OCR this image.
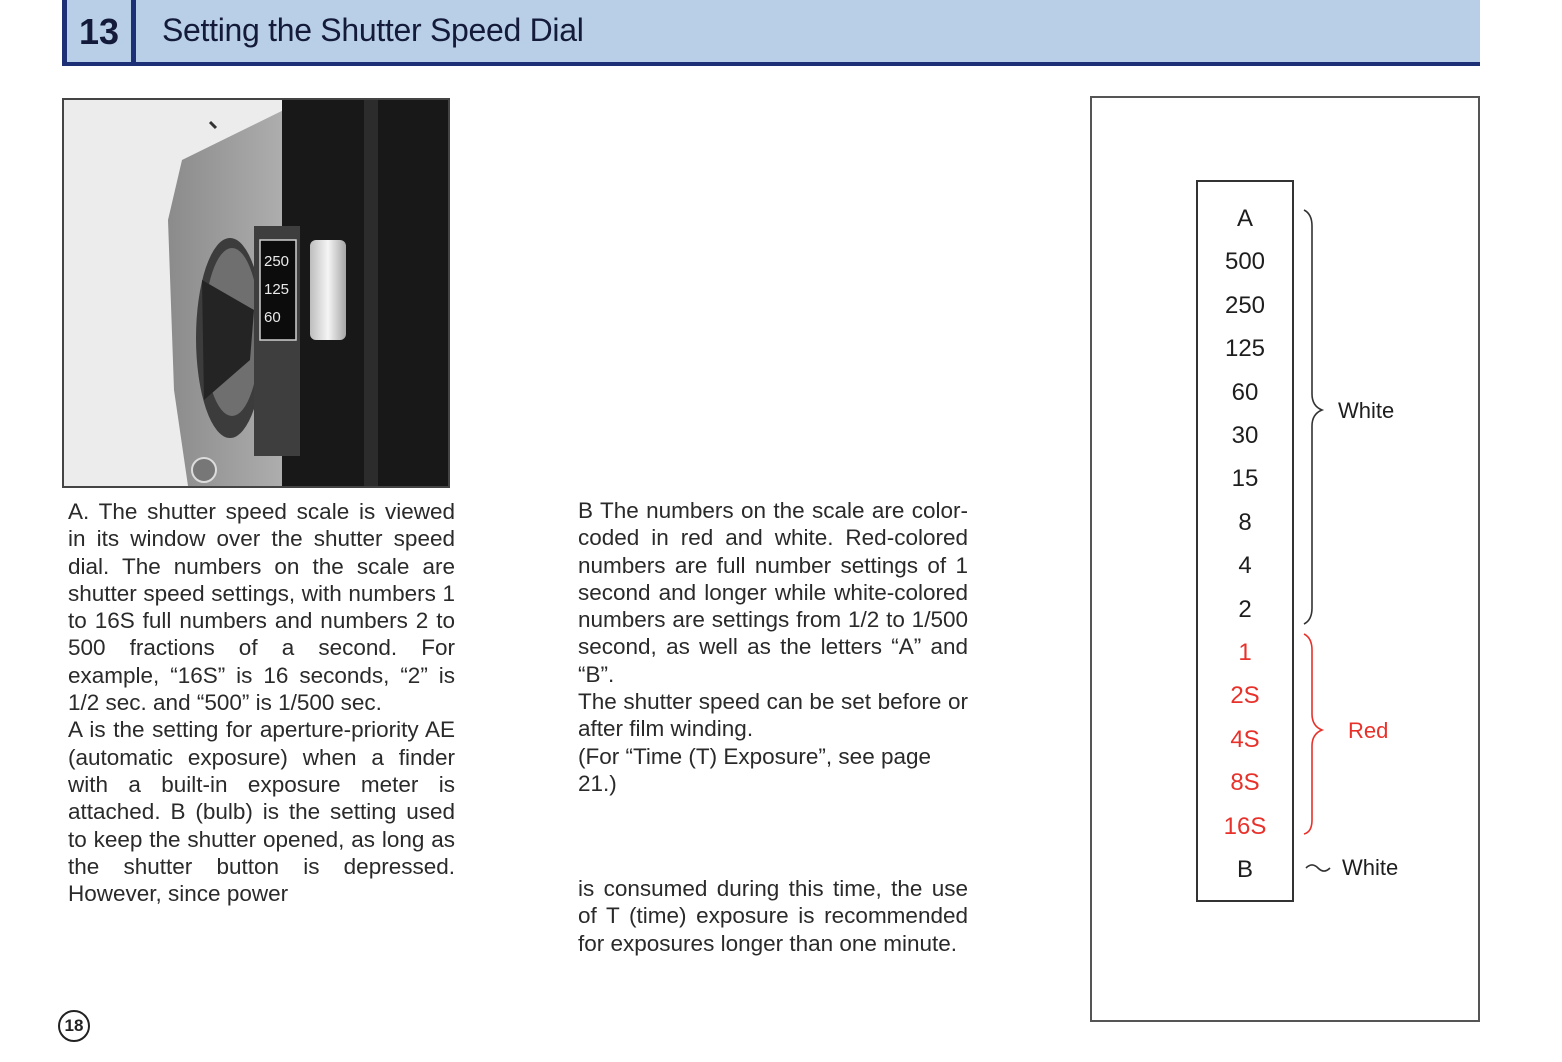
13	Setting the Shutter Speed Dial
250
125
60

A. The shutter speed scale is viewed in its window over the shutter speed dial. The numbers on the scale are shutter speed settings, with numbers 1 to 16S full numbers and numbers 2 to 500 fractions of a second. For example, “16S” is 16 seconds, “2” is 1/2 sec. and “500” is 1/500 sec.

A is the setting for aperture-priority AE (automatic exposure) when a finder with a built-in exposure meter is attached. B (bulb) is the setting used to keep the shutter opened, as long as the shutter button is depressed. However, since power

B The numbers on the scale are color-coded in red and white. Red-colored numbers are full number settings of 1 second and longer while white-colored numbers are settings from 1/2 to 1/500 second, as well as the letters “A” and “B”.

The shutter speed can be set before or after film winding.

(For “Time (T) Exposure”, see page 21.)

is consumed during this time, the use of T (time) exposure is recommended for exposures longer than one minute.

18
A
500
250
125
60
30
15
8
4
2
1
2S
4S
8S
16S
B
White
Red
White
